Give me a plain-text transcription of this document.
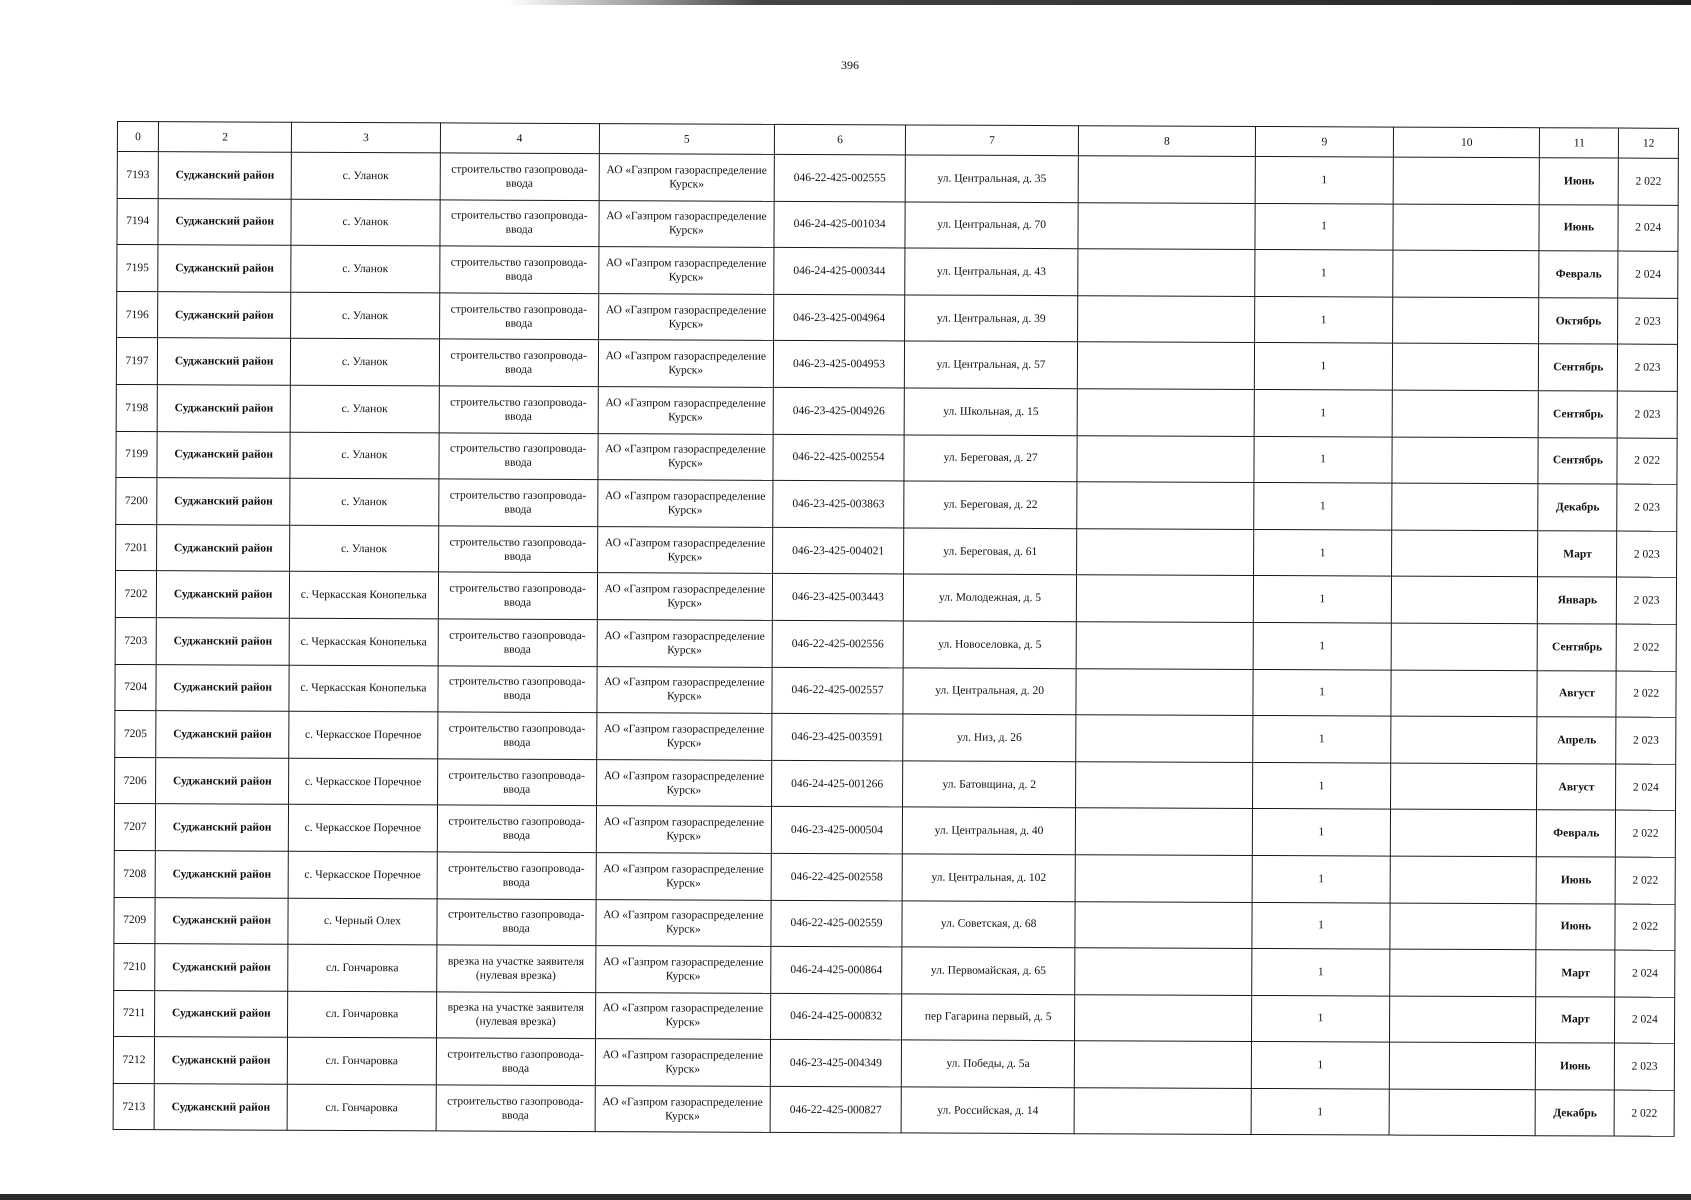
396
0	2	3	4	5	6	7	8	9	10	11	12
7193	Суджанский район	с. Уланок	строительство газопровода-ввода	АО «Газпром газораспределение Курск»	046-22-425-002555	ул. Центральная, д. 35		1		Июнь	2 022
7194	Суджанский район	с. Уланок	строительство газопровода-ввода	АО «Газпром газораспределение Курск»	046-24-425-001034	ул. Центральная, д. 70		1		Июнь	2 024
7195	Суджанский район	с. Уланок	строительство газопровода-ввода	АО «Газпром газораспределение Курск»	046-24-425-000344	ул. Центральная, д. 43		1		Февраль	2 024
7196	Суджанский район	с. Уланок	строительство газопровода-ввода	АО «Газпром газораспределение Курск»	046-23-425-004964	ул. Центральная, д. 39		1		Октябрь	2 023
7197	Суджанский район	с. Уланок	строительство газопровода-ввода	АО «Газпром газораспределение Курск»	046-23-425-004953	ул. Центральная, д. 57		1		Сентябрь	2 023
7198	Суджанский район	с. Уланок	строительство газопровода-ввода	АО «Газпром газораспределение Курск»	046-23-425-004926	ул. Школьная, д. 15		1		Сентябрь	2 023
7199	Суджанский район	с. Уланок	строительство газопровода-ввода	АО «Газпром газораспределение Курск»	046-22-425-002554	ул. Береговая, д. 27		1		Сентябрь	2 022
7200	Суджанский район	с. Уланок	строительство газопровода-ввода	АО «Газпром газораспределение Курск»	046-23-425-003863	ул. Береговая, д. 22		1		Декабрь	2 023
7201	Суджанский район	с. Уланок	строительство газопровода-ввода	АО «Газпром газораспределение Курск»	046-23-425-004021	ул. Береговая, д. 61		1		Март	2 023
7202	Суджанский район	с. Черкасская Конопелька	строительство газопровода-ввода	АО «Газпром газораспределение Курск»	046-23-425-003443	ул. Молодежная, д. 5		1		Январь	2 023
7203	Суджанский район	с. Черкасская Конопелька	строительство газопровода-ввода	АО «Газпром газораспределение Курск»	046-22-425-002556	ул. Новоселовка, д. 5		1		Сентябрь	2 022
7204	Суджанский район	с. Черкасская Конопелька	строительство газопровода-ввода	АО «Газпром газораспределение Курск»	046-22-425-002557	ул. Центральная, д. 20		1		Август	2 022
7205	Суджанский район	с. Черкасское Поречное	строительство газопровода-ввода	АО «Газпром газораспределение Курск»	046-23-425-003591	ул. Низ, д. 26		1		Апрель	2 023
7206	Суджанский район	с. Черкасское Поречное	строительство газопровода-ввода	АО «Газпром газораспределение Курск»	046-24-425-001266	ул. Батовщина, д. 2		1		Август	2 024
7207	Суджанский район	с. Черкасское Поречное	строительство газопровода-ввода	АО «Газпром газораспределение Курск»	046-23-425-000504	ул. Центральная, д. 40		1		Февраль	2 022
7208	Суджанский район	с. Черкасское Поречное	строительство газопровода-ввода	АО «Газпром газораспределение Курск»	046-22-425-002558	ул. Центральная, д. 102		1		Июнь	2 022
7209	Суджанский район	с. Черный Олех	строительство газопровода-ввода	АО «Газпром газораспределение Курск»	046-22-425-002559	ул. Советская, д. 68		1		Июнь	2 022
7210	Суджанский район	сл. Гончаровка	врезка на участке заявителя (нулевая врезка)	АО «Газпром газораспределение Курск»	046-24-425-000864	ул. Первомайская, д. 65		1		Март	2 024
7211	Суджанский район	сл. Гончаровка	врезка на участке заявителя (нулевая врезка)	АО «Газпром газораспределение Курск»	046-24-425-000832	пер Гагарина первый, д. 5		1		Март	2 024
7212	Суджанский район	сл. Гончаровка	строительство газопровода-ввода	АО «Газпром газораспределение Курск»	046-23-425-004349	ул. Победы, д. 5а		1		Июнь	2 023
7213	Суджанский район	сл. Гончаровка	строительство газопровода-ввода	АО «Газпром газораспределение Курск»	046-22-425-000827	ул. Российская, д. 14		1		Декабрь	2 022
